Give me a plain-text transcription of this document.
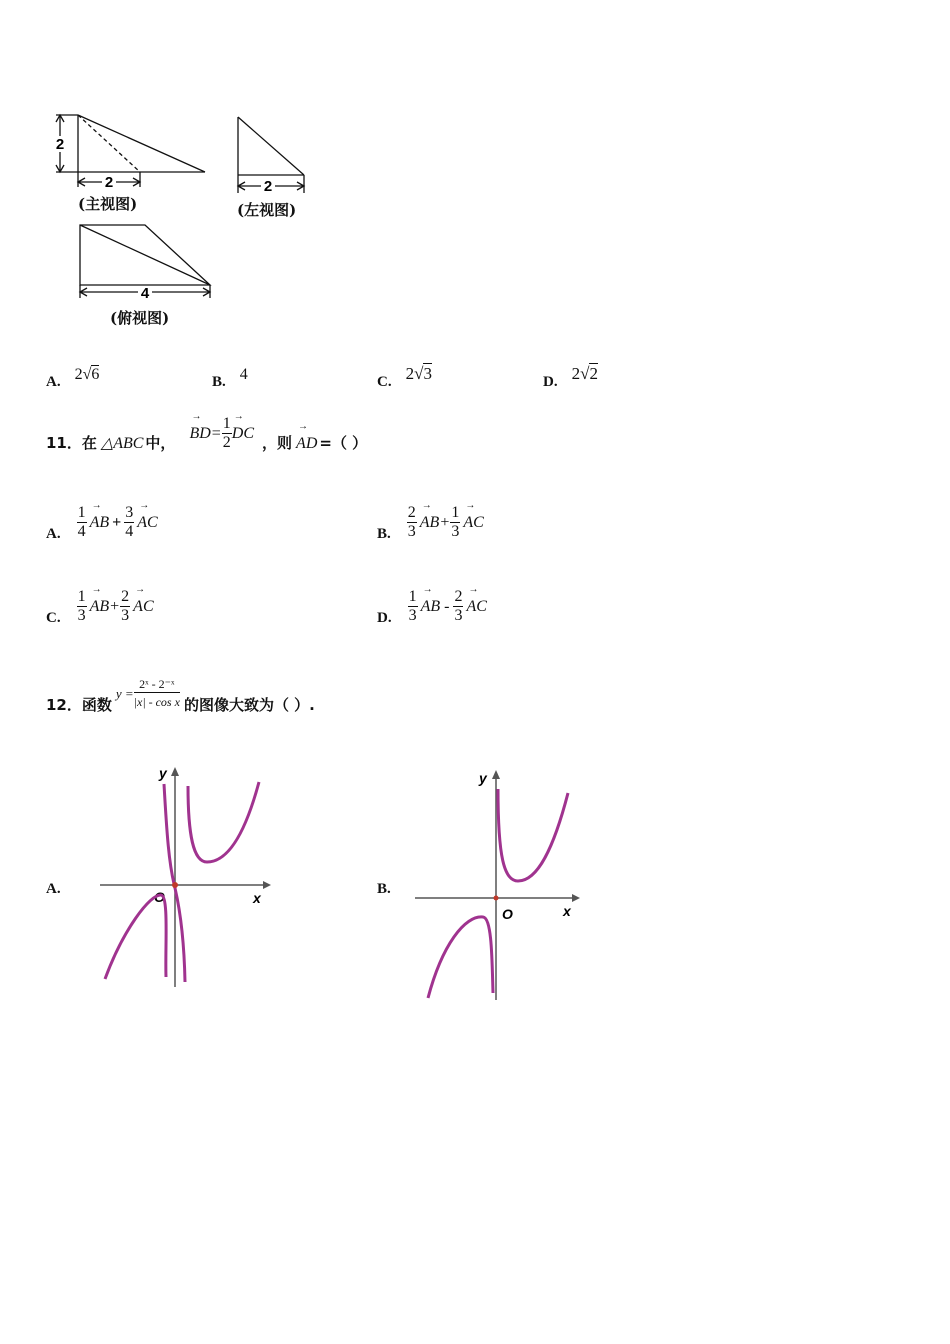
2
2	2
4
(主视图)	(左视图)
(俯视图)
A. 2√6	B. 4	C. 2√3	D. 2√2
11． 在 △ABC 中，
→ BD = $\frac{1}{2}$ → DC
，则 → AD =（ ）
A. $\frac{1}{4}$ → AB + $\frac{3}{4}$ → AC
B. $\frac{2}{3}$ → AB + $\frac{1}{3}$ → AC
C. $\frac{1}{3}$ → AB + $\frac{2}{3}$ → AC
D. $\frac{1}{3}$ → AB - $\frac{2}{3}$ → AC
12． 函数
$y = \frac{\text{2ˣ - 2⁻ˣ}}{\text{|x| - cos x}}$ 的图像大致为（ ）.
A.
y
x
O	B.
y
x
O
